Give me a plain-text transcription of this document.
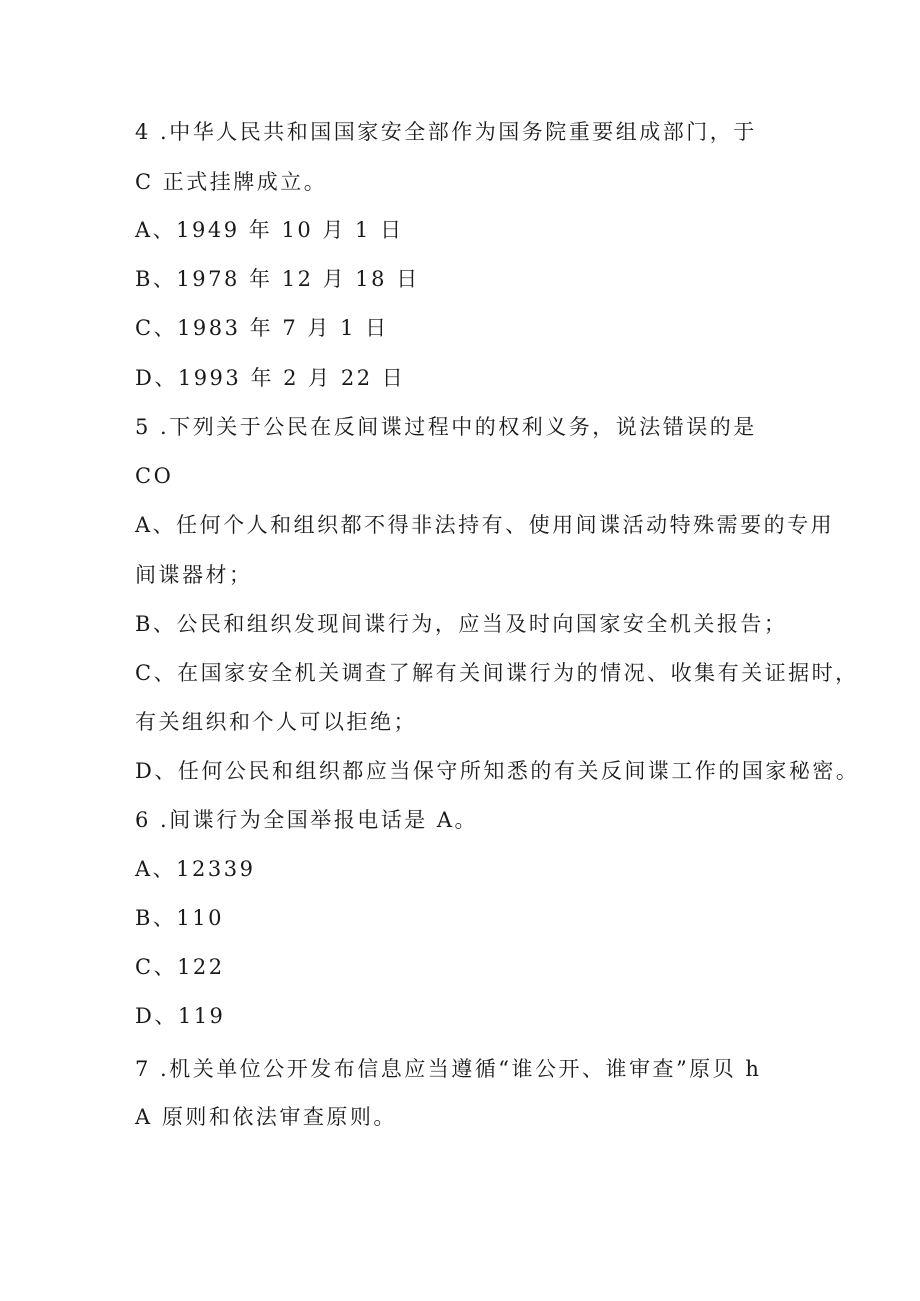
4 .中华人民共和国国家安全部作为国务院重要组成部门，于
C 正式挂牌成立。
A、1949 年 10 月 1 日
B、1978 年 12 月 18 日
C、1983 年 7 月 1 日
D、1993 年 2 月 22 日
5 .下列关于公民在反间谍过程中的权利义务，说法错误的是
CO
A、任何个人和组织都不得非法持有、使用间谍活动特殊需要的专用
间谍器材；
B、公民和组织发现间谍行为，应当及时向国家安全机关报告；
C、在国家安全机关调查了解有关间谍行为的情况、收集有关证据时，
有关组织和个人可以拒绝；
D、任何公民和组织都应当保守所知悉的有关反间谍工作的国家秘密。
6 .间谍行为全国举报电话是 A。
A、12339
B、110
C、122
D、119
7 .机关单位公开发布信息应当遵循“谁公开、谁审查”原贝 h
A 原则和依法审查原则。
